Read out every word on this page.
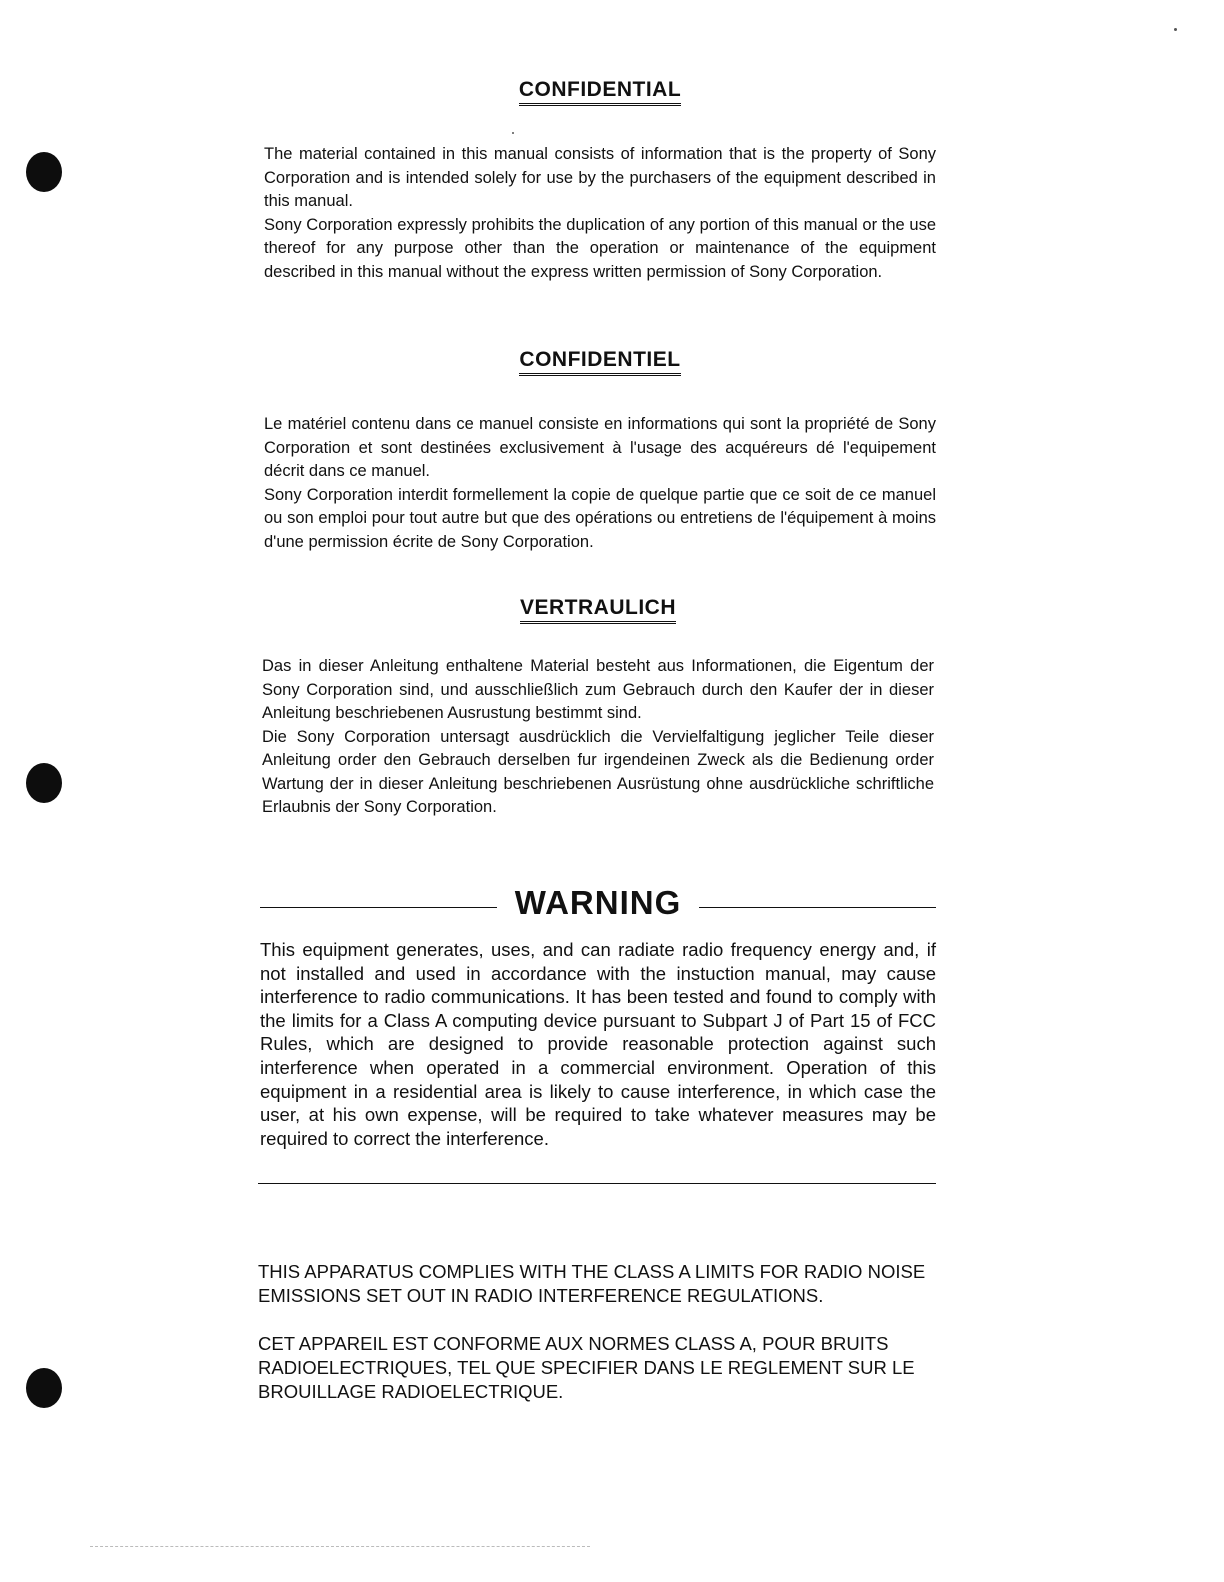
CONFIDENTIAL

The material contained in this manual consists of information that is the property of Sony Corporation and is intended solely for use by the purchasers of the equipment described in this manual.

Sony Corporation expressly prohibits the duplication of any portion of this manual or the use thereof for any purpose other than the operation or maintenance of the equipment described in this manual without the express written permission of Sony Corporation.

CONFIDENTIEL

Le matériel contenu dans ce manuel consiste en informations qui sont la propriété de Sony Corporation et sont destinées exclusivement à l'usage des acquéreurs dé l'equipement décrit dans ce manuel.

Sony Corporation interdit formellement la copie de quelque partie que ce soit de ce manuel ou son emploi pour tout autre but que des opérations ou entretiens de l'équipement à moins d'une permission écrite de Sony Corporation.

VERTRAULICH

Das in dieser Anleitung enthaltene Material besteht aus Informationen, die Eigentum der Sony Corporation sind, und ausschließlich zum Gebrauch durch den Kaufer der in dieser Anleitung beschriebenen Ausrustung bestimmt sind.

Die Sony Corporation untersagt ausdrücklich die Vervielfaltigung jeglicher Teile dieser Anleitung order den Gebrauch derselben fur irgendeinen Zweck als die Bedienung order Wartung der in dieser Anleitung beschriebenen Ausrüstung ohne ausdrückliche schriftliche Erlaubnis der Sony Corporation.

WARNING

This equipment generates, uses, and can radiate radio frequency energy and, if not installed and used in accordance with the instuction manual, may cause interference to radio communications. It has been tested and found to comply with the limits for a Class A computing device pursuant to Subpart J of Part 15 of FCC Rules, which are designed to provide reasonable protection against such interference when operated in a commercial environment. Operation of this equipment in a residential area is likely to cause interference, in which case the user, at his own expense, will be required to take whatever measures may be required to correct the interference.

THIS APPARATUS COMPLIES WITH THE CLASS A LIMITS FOR RADIO NOISE EMISSIONS SET OUT IN RADIO INTERFERENCE REGULATIONS.

CET APPAREIL EST CONFORME AUX NORMES CLASS A, POUR BRUITS RADIOELECTRIQUES, TEL QUE SPECIFIER DANS LE REGLEMENT SUR LE BROUILLAGE RADIOELECTRIQUE.
